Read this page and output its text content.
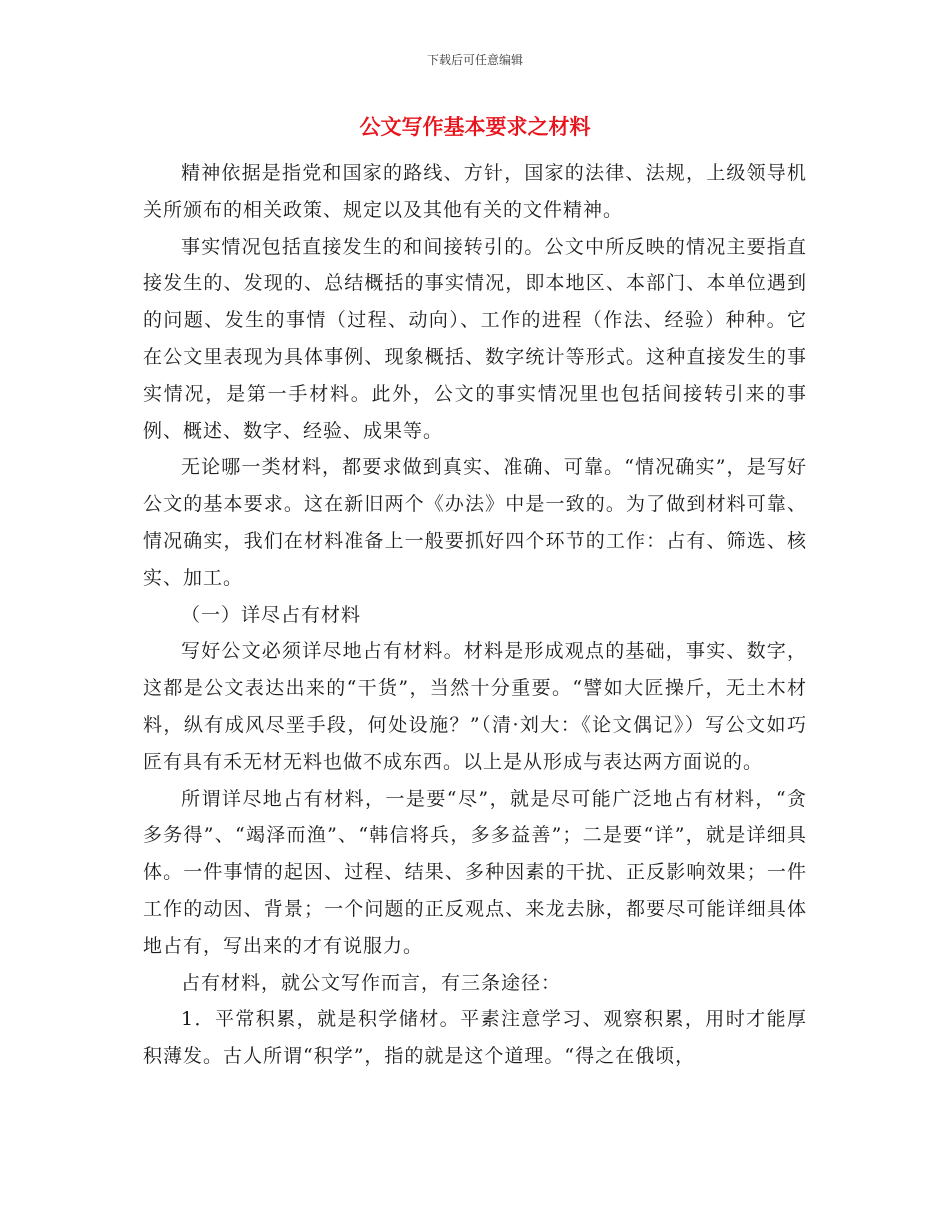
下载后可任意编辑
公文写作基本要求之材料

精神依据是指党和国家的路线、方针，国家的法律、法规，上级领导机关所颁布的相关政策、规定以及其他有关的文件精神。

事实情况包括直接发生的和间接转引的。公文中所反映的情况主要指直接发生的、发现的、总结概括的事实情况，即本地区、本部门、本单位遇到的问题、发生的事情（过程、动向）、工作的进程（作法、经验）种种。它在公文里表现为具体事例、现象概括、数字统计等形式。这种直接发生的事实情况，是第一手材料。此外，公文的事实情况里也包括间接转引来的事例、概述、数字、经验、成果等。

无论哪一类材料，都要求做到真实、准确、可靠。“情况确实”，是写好公文的基本要求。这在新旧两个《办法》中是一致的。为了做到材料可靠、情况确实，我们在材料准备上一般要抓好四个环节的工作：占有、筛选、核实、加工。

（一）详尽占有材料

写好公文必须详尽地占有材料。材料是形成观点的基础，事实、数字，这都是公文表达出来的“干货”，当然十分重要。“譬如大匠操斤，无土木材料，纵有成风尽垩手段，何处设施？”（清·刘大：《论文偶记》）写公文如巧匠有具有禾无材无料也做不成东西。以上是从形成与表达两方面说的。

所谓详尽地占有材料，一是要“尽”，就是尽可能广泛地占有材料，“贪多务得”、“竭泽而渔”、“韩信将兵，多多益善”；二是要“详”，就是详细具体。一件事情的起因、过程、结果、多种因素的干扰、正反影响效果；一件工作的动因、背景；一个问题的正反观点、来龙去脉，都要尽可能详细具体地占有，写出来的才有说服力。

占有材料，就公文写作而言，有三条途径：

1．平常积累，就是积学储材。平素注意学习、观察积累，用时才能厚积薄发。古人所谓“积学”，指的就是这个道理。“得之在俄顷，
